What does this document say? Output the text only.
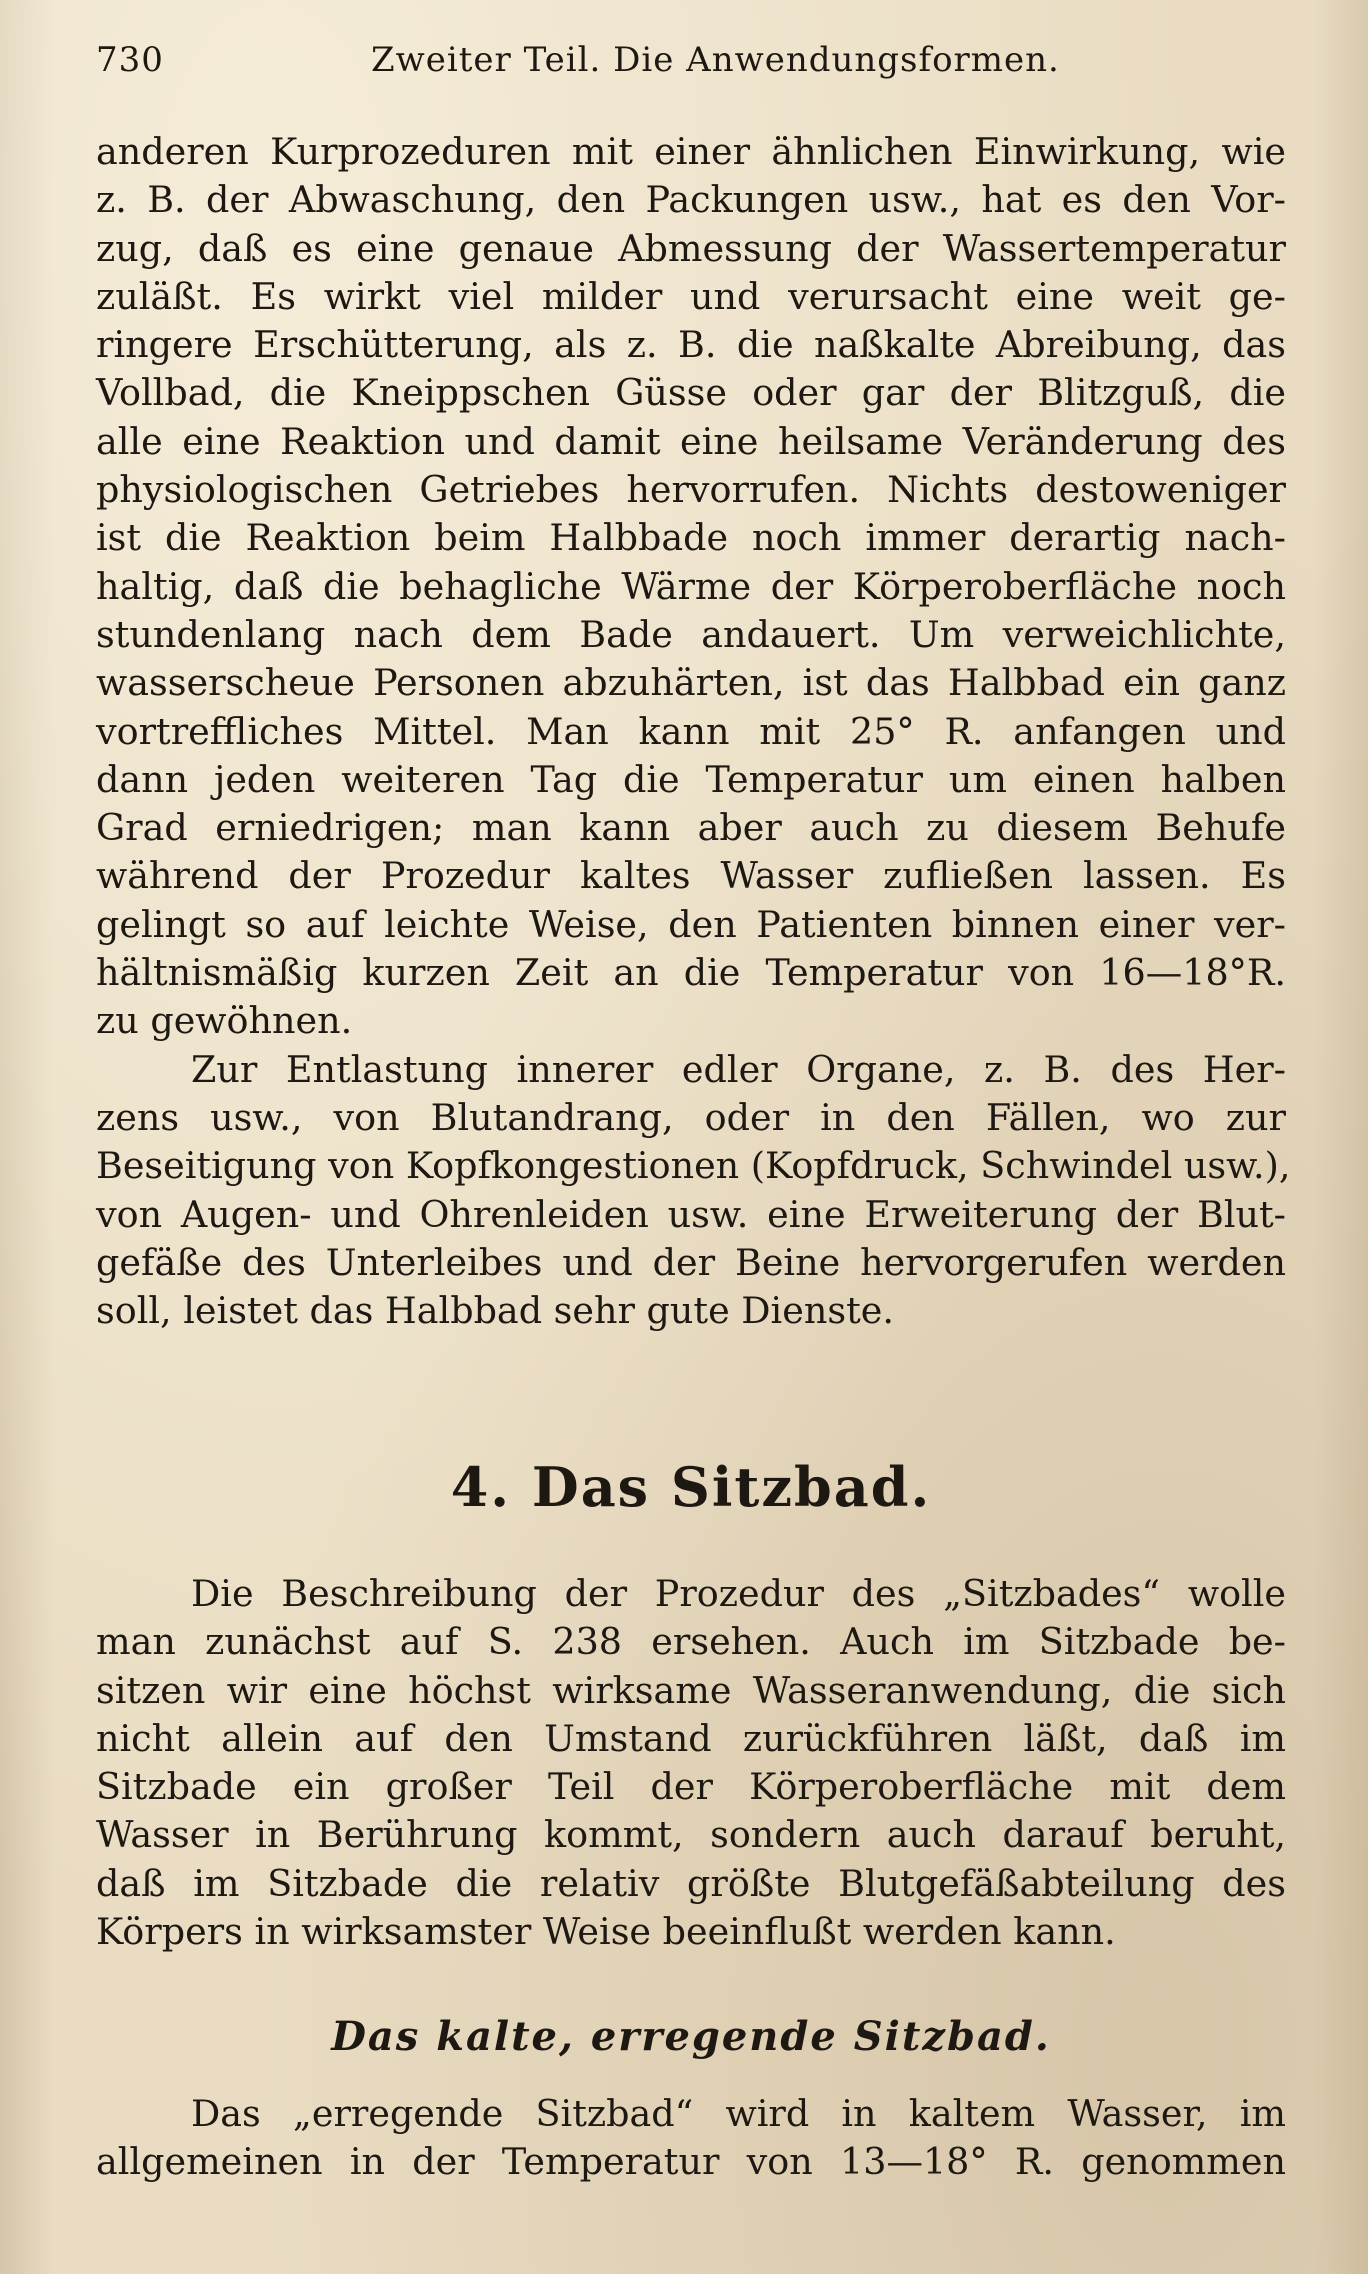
730	Zweiter Teil. Die Anwendungsformen.
anderen Kurprozeduren mit einer ähnlichen Einwirkung, wie
z. B. der Abwaschung, den Packungen usw., hat es den Vor-
zug, daß es eine genaue Abmessung der Wassertemperatur
zuläßt. Es wirkt viel milder und verursacht eine weit ge-
ringere Erschütterung, als z. B. die naßkalte Abreibung, das
Vollbad, die Kneippschen Güsse oder gar der Blitzguß, die
alle eine Reaktion und damit eine heilsame Veränderung des
physiologischen Getriebes hervorrufen. Nichts destoweniger
ist die Reaktion beim Halbbade noch immer derartig nach-
haltig, daß die behagliche Wärme der Körperoberfläche noch
stundenlang nach dem Bade andauert. Um verweichlichte,
wasserscheue Personen abzuhärten, ist das Halbbad ein ganz
vortreffliches Mittel. Man kann mit 25° R. anfangen und
dann jeden weiteren Tag die Temperatur um einen halben
Grad erniedrigen; man kann aber auch zu diesem Behufe
während der Prozedur kaltes Wasser zufließen lassen. Es
gelingt so auf leichte Weise, den Patienten binnen einer ver-
hältnismäßig kurzen Zeit an die Temperatur von 16—18°R.
zu gewöhnen.
Zur Entlastung innerer edler Organe, z. B. des Her-
zens usw., von Blutandrang, oder in den Fällen, wo zur
Beseitigung von Kopfkongestionen (Kopfdruck, Schwindel usw.),
von Augen- und Ohrenleiden usw. eine Erweiterung der Blut-
gefäße des Unterleibes und der Beine hervorgerufen werden
soll, leistet das Halbbad sehr gute Dienste.
4. Das Sitzbad.
Die Beschreibung der Prozedur des „Sitzbades“ wolle
man zunächst auf S. 238 ersehen. Auch im Sitzbade be-
sitzen wir eine höchst wirksame Wasseranwendung, die sich
nicht allein auf den Umstand zurückführen läßt, daß im
Sitzbade ein großer Teil der Körperoberfläche mit dem
Wasser in Berührung kommt, sondern auch darauf beruht,
daß im Sitzbade die relativ größte Blutgefäßabteilung des
Körpers in wirksamster Weise beeinflußt werden kann.
Das kalte, erregende Sitzbad.
Das „erregende Sitzbad“ wird in kaltem Wasser, im
allgemeinen in der Temperatur von 13—18° R. genommen
